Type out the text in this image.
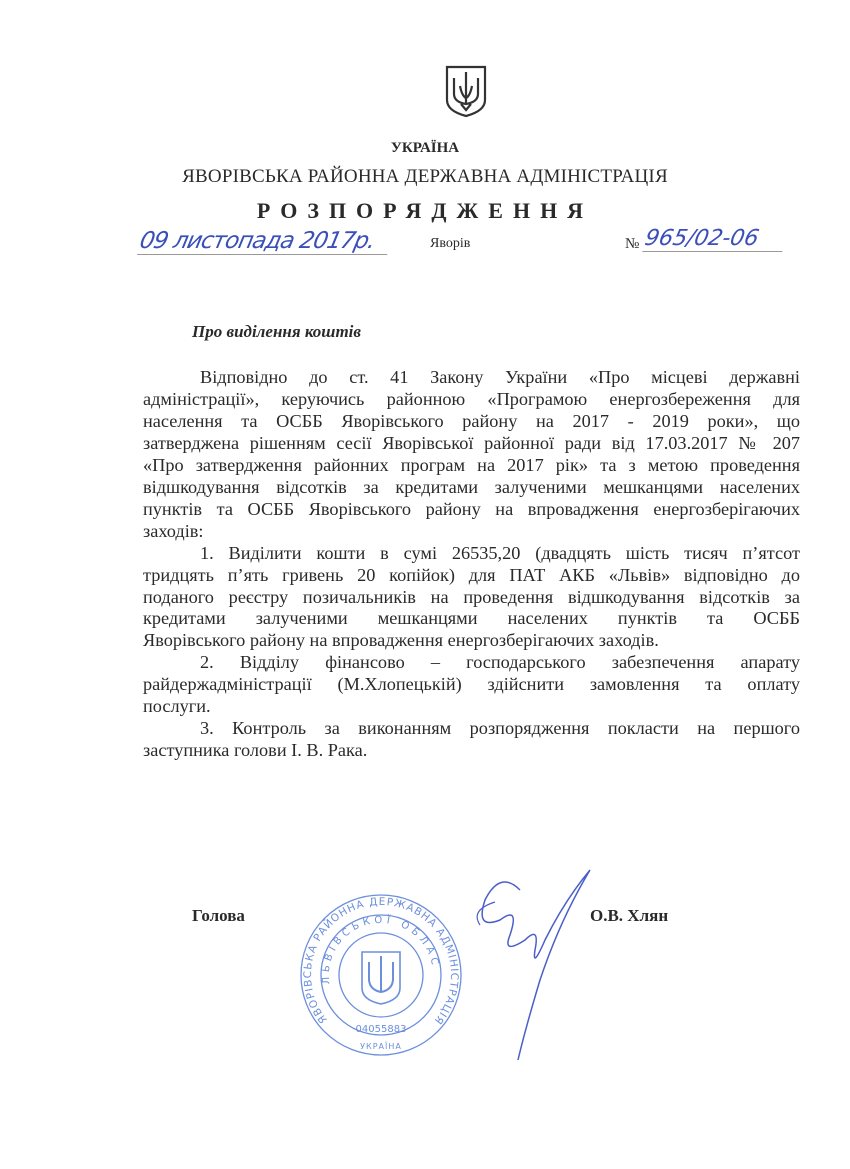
УКРАЇНА
ЯВОРІВСЬКА РАЙОННА ДЕРЖАВНА АДМІНІСТРАЦІЯ
РОЗПОРЯДЖЕННЯ
09 листопада 2017р.	Яворів	№ 965/02-06
Про виділення коштів
Відповідно до ст. 41 Закону України «Про місцеві державні
адміністрації», керуючись районною «Програмою енергозбереження для
населення та ОСББ Яворівського району на 2017 - 2019 роки», що
затверджена рішенням сесії Яворівської районної ради від 17.03.2017 № 207
«Про затвердження районних програм на 2017 рік» та з метою проведення
відшкодування відсотків за кредитами залученими мешканцями населених
пунктів та ОСББ Яворівського району на впровадження енергозберігаючих
заходів:
1. Виділити кошти в сумі 26535,20 (двадцять шість тисяч п’ятсот
тридцять п’ять гривень 20 копійок) для ПАТ АКБ «Львів» відповідно до
поданого реєстру позичальників на проведення відшкодування відсотків за
кредитами залученими мешканцями населених пунктів та ОСББ
Яворівського району на впровадження енергозберігаючих заходів.
2. Відділу фінансово – господарського забезпечення апарату
райдержадміністрації (М.Хлопецькій) здійснити замовлення та оплату
послуги.
3. Контроль за виконанням розпорядження покласти на першого
заступника голови І. В. Рака.
Голова	О.В. Хлян
ЯВОРІВСЬКА РАЙОННА ДЕРЖАВНА АДМІНІСТРАЦІЯ
ЛЬВІВСЬКОЇ ОБЛАСТІ
04055883
УКРАЇНА
